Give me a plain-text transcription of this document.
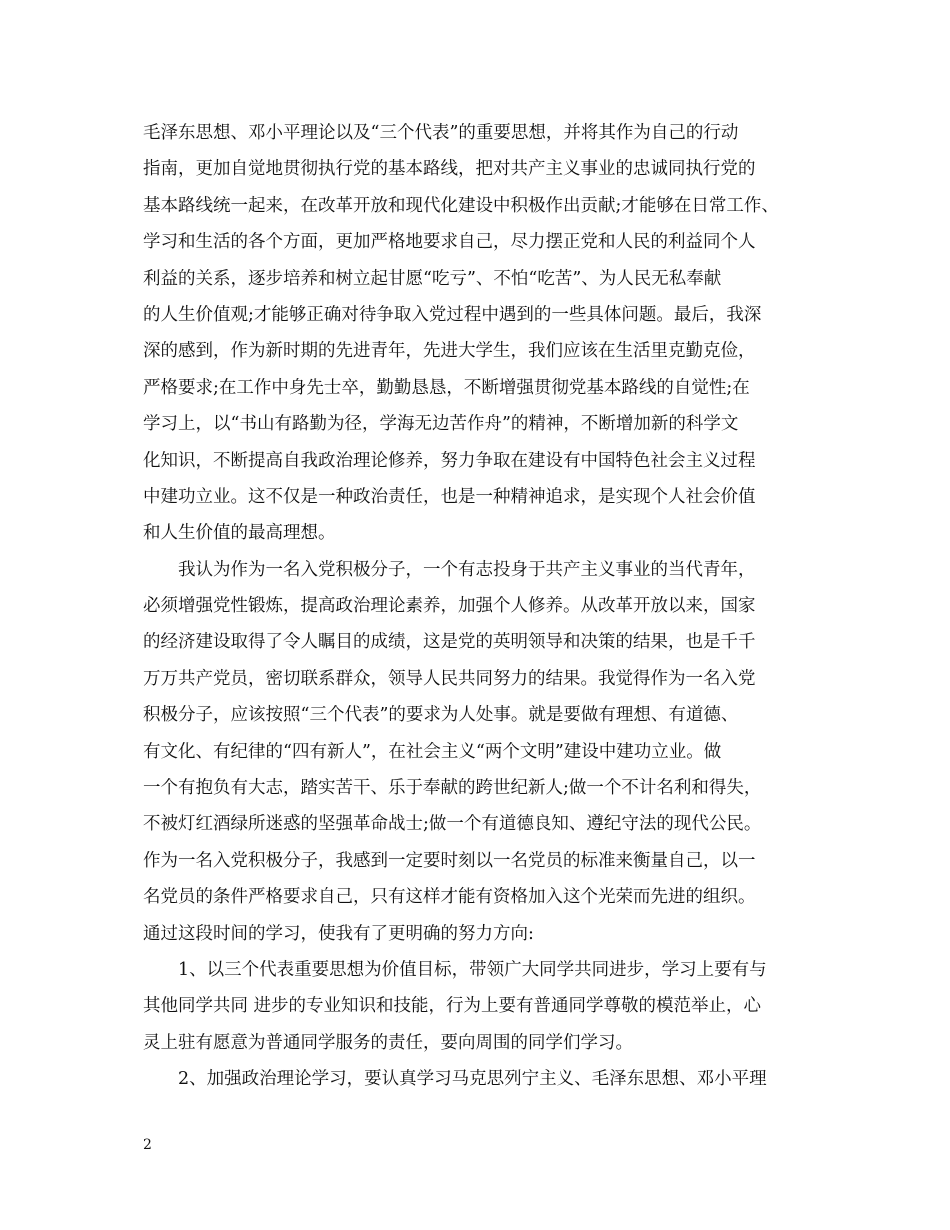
毛泽东思想、邓小平理论以及“三个代表”的重要思想，并将其作为自己的行动
指南，更加自觉地贯彻执行党的基本路线，把对共产主义事业的忠诚同执行党的
基本路线统一起来，在改革开放和现代化建设中积极作出贡献;才能够在日常工作、
学习和生活的各个方面，更加严格地要求自己，尽力摆正党和人民的利益同个人
利益的关系，逐步培养和树立起甘愿“吃亏”、不怕“吃苦”、为人民无私奉献
的人生价值观;才能够正确对待争取入党过程中遇到的一些具体问题。最后，我深
深的感到，作为新时期的先进青年，先进大学生，我们应该在生活里克勤克俭，
严格要求;在工作中身先士卒，勤勤恳恳，不断增强贯彻党基本路线的自觉性;在
学习上，以“书山有路勤为径，学海无边苦作舟”的精神，不断增加新的科学文
化知识，不断提高自我政治理论修养，努力争取在建设有中国特色社会主义过程
中建功立业。这不仅是一种政治责任，也是一种精神追求，是实现个人社会价值
和人生价值的最高理想。
　　我认为作为一名入党积极分子，一个有志投身于共产主义事业的当代青年，
必须增强党性锻炼，提高政治理论素养，加强个人修养。从改革开放以来，国家
的经济建设取得了令人瞩目的成绩，这是党的英明领导和决策的结果，也是千千
万万共产党员，密切联系群众，领导人民共同努力的结果。我觉得作为一名入党
积极分子，应该按照“三个代表”的要求为人处事。就是要做有理想、有道德、
有文化、有纪律的“四有新人”，在社会主义“两个文明”建设中建功立业。做
一个有抱负有大志，踏实苦干、乐于奉献的跨世纪新人;做一个不计名利和得失，
不被灯红酒绿所迷惑的坚强革命战士;做一个有道德良知、遵纪守法的现代公民。
作为一名入党积极分子，我感到一定要时刻以一名党员的标准来衡量自己，以一
名党员的条件严格要求自己，只有这样才能有资格加入这个光荣而先进的组织。
通过这段时间的学习，使我有了更明确的努力方向:
　　1、以三个代表重要思想为价值目标，带领广大同学共同进步，学习上要有与
其他同学共同 进步的专业知识和技能，行为上要有普通同学尊敬的模范举止，心
灵上驻有愿意为普通同学服务的责任，要向周围的同学们学习。
　　2、加强政治理论学习，要认真学习马克思列宁主义、毛泽东思想、邓小平理
2
